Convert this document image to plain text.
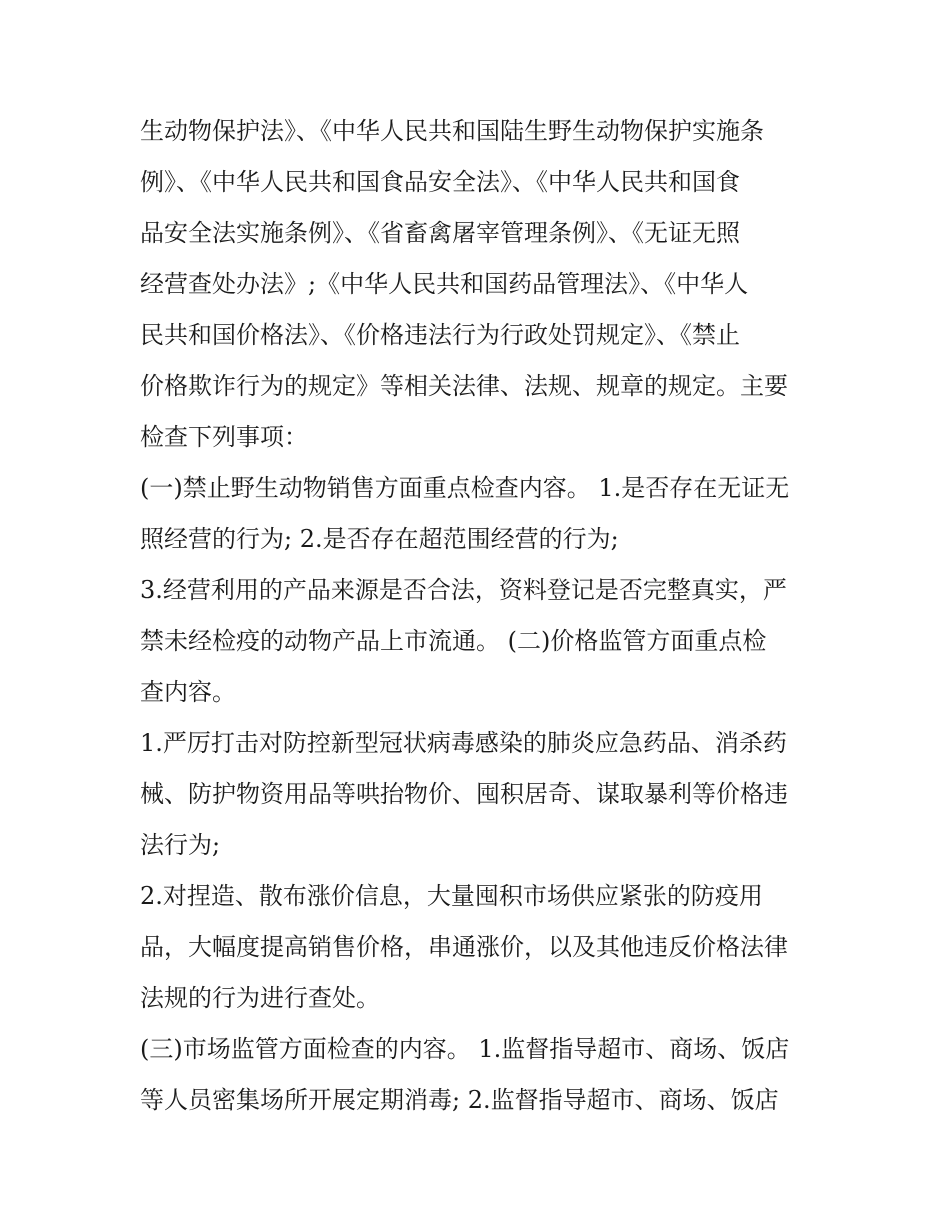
生动物保护法》、《中华人民共和国陆生野生动物保护实施条
例》、《中华人民共和国食品安全法》、《中华人民共和国食
品安全法实施条例》、《省畜禽屠宰管理条例》、《无证无照
经营查处办法》;《中华人民共和国药品管理法》、《中华人
民共和国价格法》、《价格违法行为行政处罚规定》、《禁止
价格欺诈行为的规定》等相关法律、法规、规章的规定。主要
检查下列事项：
(一)禁止野生动物销售方面重点检查内容。 1.是否存在无证无
照经营的行为; 2.是否存在超范围经营的行为;
3.经营利用的产品来源是否合法，资料登记是否完整真实，严
禁未经检疫的动物产品上市流通。 (二)价格监管方面重点检
查内容。
1.严厉打击对防控新型冠状病毒感染的肺炎应急药品、消杀药
械、防护物资用品等哄抬物价、囤积居奇、谋取暴利等价格违
法行为;
2.对捏造、散布涨价信息，大量囤积市场供应紧张的防疫用
品，大幅度提高销售价格，串通涨价，以及其他违反价格法律
法规的行为进行查处。
(三)市场监管方面检查的内容。 1.监督指导超市、商场、饭店
等人员密集场所开展定期消毒; 2.监督指导超市、商场、饭店
